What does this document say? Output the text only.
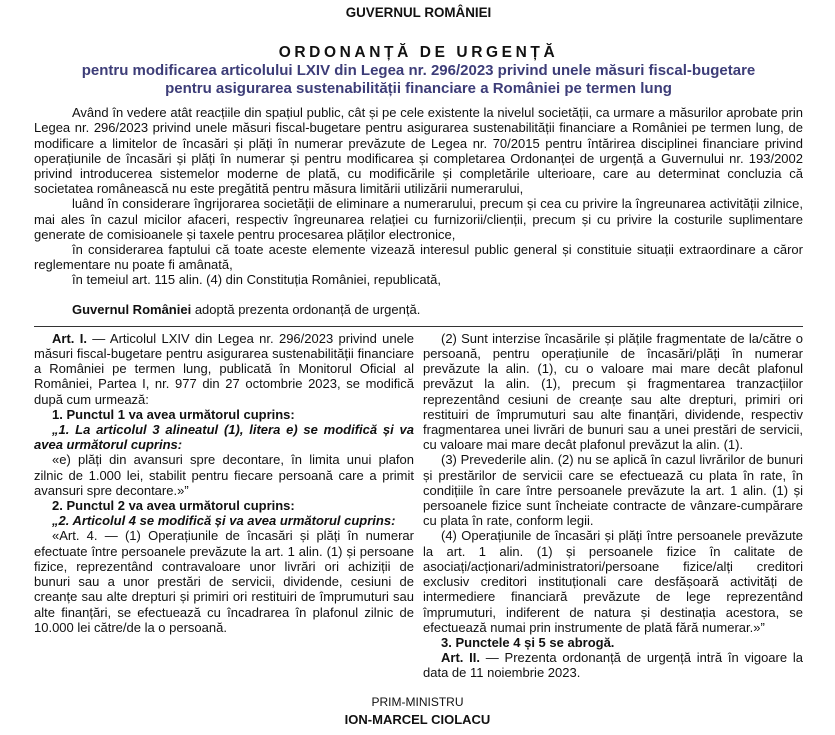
GUVERNUL ROMÂNIEI
ORDONANȚĂ DE URGENȚĂ
pentru modificarea articolului LXIV din Legea nr. 296/2023 privind unele măsuri fiscal-bugetare
pentru asigurarea sustenabilității financiare a României pe termen lung

Având în vedere atât reacțiile din spațiul public, cât și pe cele existente la nivelul societății, ca urmare a măsurilor aprobate prin Legea nr. 296/2023 privind unele măsuri fiscal-bugetare pentru asigurarea sustenabilității financiare a României pe termen lung, de modificare a limitelor de încasări și plăți în numerar prevăzute de Legea nr. 70/2015 pentru întărirea disciplinei financiare privind operațiunile de încasări și plăți în numerar și pentru modificarea și completarea Ordonanței de urgență a Guvernului nr. 193/2002 privind introducerea sistemelor moderne de plată, cu modificările și completările ulterioare, care au determinat concluzia că societatea românească nu este pregătită pentru măsura limitării utilizării numerarului,

luând în considerare îngrijorarea societății de eliminare a numerarului, precum și cea cu privire la îngreunarea activității zilnice, mai ales în cazul micilor afaceri, respectiv îngreunarea relației cu furnizorii/clienții, precum și cu privire la costurile suplimentare generate de comisioanele și taxele pentru procesarea plăților electronice,

în considerarea faptului că toate aceste elemente vizează interesul public general și constituie situații extraordinare a căror reglementare nu poate fi amânată,

în temeiul art. 115 alin. (4) din Constituția României, republicată,

Guvernul României adoptă prezenta ordonanță de urgență.

Art. I. — Articolul LXIV din Legea nr. 296/2023 privind unele măsuri fiscal-bugetare pentru asigurarea sustenabilității financiare a României pe termen lung, publicată în Monitorul Oficial al României, Partea I, nr. 977 din 27 octombrie 2023, se modifică după cum urmează:

1. Punctul 1 va avea următorul cuprins:

„1. La articolul 3 alineatul (1), litera e) se modifică și va avea următorul cuprins:

«e) plăți din avansuri spre decontare, în limita unui plafon zilnic de 1.000 lei, stabilit pentru fiecare persoană care a primit avansuri spre decontare.»”

2. Punctul 2 va avea următorul cuprins:

„2. Articolul 4 se modifică și va avea următorul cuprins:

«Art. 4. — (1) Operațiunile de încasări și plăți în numerar efectuate între persoanele prevăzute la art. 1 alin. (1) și persoane fizice, reprezentând contravaloare unor livrări ori achiziții de bunuri sau a unor prestări de servicii, dividende, cesiuni de creanțe sau alte drepturi și primiri ori restituiri de împrumuturi sau alte finanțări, se efectuează cu încadrarea în plafonul zilnic de 10.000 lei către/de la o persoană.

(2) Sunt interzise încasările și plățile fragmentate de la/către o persoană, pentru operațiunile de încasări/plăți în numerar prevăzute la alin. (1), cu o valoare mai mare decât plafonul prevăzut la alin. (1), precum și fragmentarea tranzacțiilor reprezentând cesiuni de creanțe sau alte drepturi, primiri ori restituiri de împrumuturi sau alte finanțări, dividende, respectiv fragmentarea unei livrări de bunuri sau a unei prestări de servicii, cu valoare mai mare decât plafonul prevăzut la alin. (1).

(3) Prevederile alin. (2) nu se aplică în cazul livrărilor de bunuri și prestărilor de servicii care se efectuează cu plata în rate, în condițiile în care între persoanele prevăzute la art. 1 alin. (1) și persoanele fizice sunt încheiate contracte de vânzare-cumpărare cu plata în rate, conform legii.

(4) Operațiunile de încasări și plăți între persoanele prevăzute la art. 1 alin. (1) și persoanele fizice în calitate de asociați/acționari/administratori/persoane fizice/alți creditori exclusiv creditori instituționali care desfășoară activități de intermediere financiară prevăzute de lege reprezentând împrumuturi, indiferent de natura și destinația acestora, se efectuează numai prin instrumente de plată fără numerar.»”

3. Punctele 4 și 5 se abrogă.

Art. II. — Prezenta ordonanță de urgență intră în vigoare la data de 11 noiembrie 2023.

PRIM-MINISTRU
ION-MARCEL CIOLACU
